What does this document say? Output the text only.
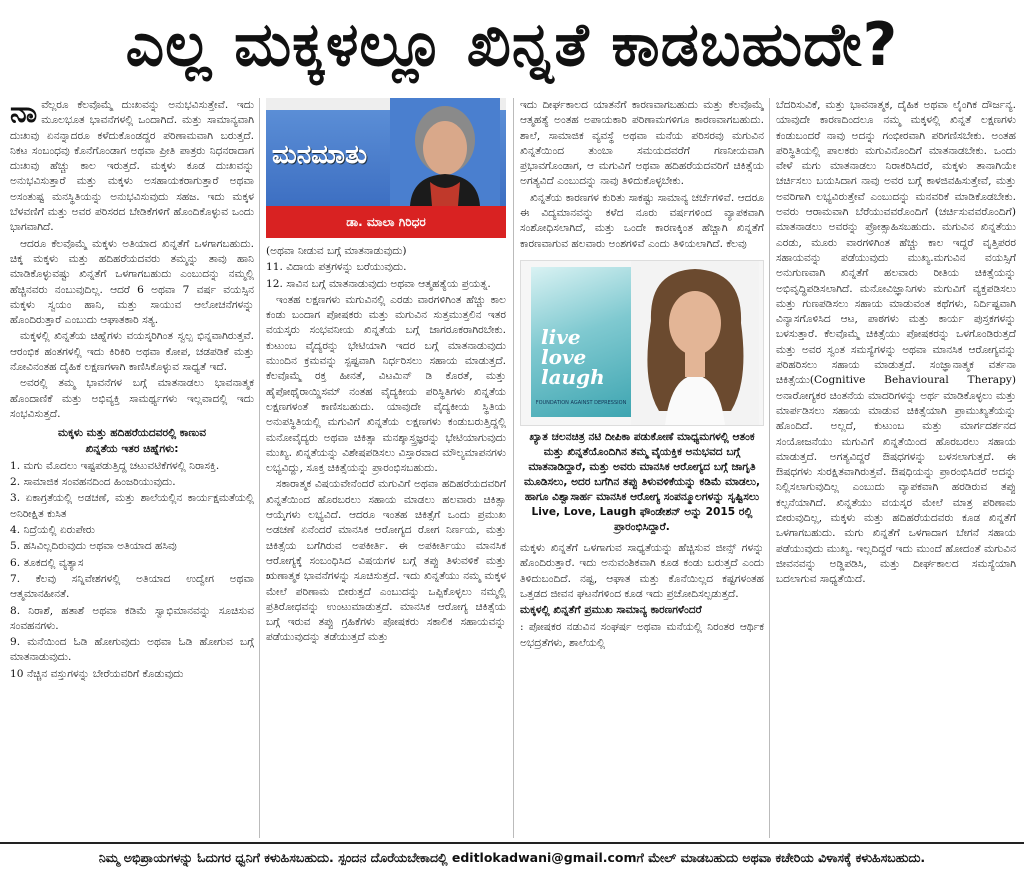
ಎಲ್ಲ ಮಕ್ಕಳಲ್ಲೂ ಖಿನ್ನತೆ ಕಾಡಬಹುದೇ?

ನಾವೆಲ್ಲರೂ ಕೆಲವೊಮ್ಮೆ ದುಃಖವನ್ನು ಅನುಭವಿಸುತ್ತೇವೆ. ಇದು ಮೂಲಭೂತ ಭಾವನೆಗಳಲ್ಲಿ ಒಂದಾಗಿದೆ. ಮತ್ತು ಸಾಮಾನ್ಯವಾಗಿ ದುಃಖವು ಏನನ್ನಾದರೂ ಕಳೆದುಕೊಂಡದ್ದರ ಪರಿಣಾಮವಾಗಿ ಬರುತ್ತದೆ. ನಿಕಟ ಸಂಬಂಧವು ಕೊನೆಗೊಂಡಾಗ ಅಥವಾ ಪ್ರೀತಿ ಪಾತ್ರರು ನಿಧನರಾದಾಗ ದುಃಖವು ಹೆಚ್ಚು ಕಾಲ ಇರುತ್ತದೆ. ಮಕ್ಕಳು ಕೂಡ ದುಃಖವನ್ನು ಅನುಭವಿಸುತ್ತಾರೆ ಮತ್ತು ಮಕ್ಕಳು ಅಸಹಾಯಕರಾಗುತ್ತಾರೆ ಅಥವಾ ಅಸಂತುಷ್ಟ ಮನಸ್ಥಿತಿಯನ್ನು ಅನುಭವಿಸುವುದು ಸಹಜ. ಇದು ಮಕ್ಕಳ ಬೆಳವಣಿಗೆ ಮತ್ತು ಅವರ ಪರಿಸರದ ಬೇಡಿಕೆಗಳಿಗೆ ಹೊಂದಿಕೊಳ್ಳುವ ಒಂದು ಭಾಗವಾಗಿದೆ.

ಆದರೂ ಕೆಲವೊಮ್ಮೆ ಮಕ್ಕಳು ಅತಿಯಾದ ಖಿನ್ನತೆಗೆ ಒಳಗಾಗಬಹುದು. ಚಿಕ್ಕ ಮಕ್ಕಳು ಮತ್ತು ಹದಿಹರೆಯದವರು ತಮ್ಮನ್ನು ತಾವು ಹಾನಿ ಮಾಡಿಕೊಳ್ಳುವಷ್ಟು ಖಿನ್ನತೆಗೆ ಒಳಗಾಗಬಹುದು ಎಂಬುದನ್ನು ನಮ್ಮಲ್ಲಿ ಹೆಚ್ಚಿನವರು ನಂಬುವುದಿಲ್ಲ. ಆದರೆ 6 ಅಥವಾ 7 ವರ್ಷ ವಯಸ್ಸಿನ ಮಕ್ಕಳು ಸ್ವಯಂ ಹಾನಿ, ಮತ್ತು ಸಾಯುವ ಆಲೋಚನೆಗಳನ್ನು ಹೊಂದಿರುತ್ತಾರೆ ಎಂಬುದು ಆಘಾತಕಾರಿ ಸತ್ಯ.

ಮಕ್ಕಳಲ್ಲಿ ಖಿನ್ನತೆಯ ಚಿಹ್ನೆಗಳು ವಯಸ್ಕರಿಗಿಂತ ಸ್ವಲ್ಪ ಭಿನ್ನವಾಗಿರುತ್ತವೆ. ಆರಂಭಿಕ ಹಂತಗಳಲ್ಲಿ ಇದು ಕಿರಿಕಿರಿ ಅಥವಾ ಕೋಪ, ಚಡಪಡಿಕೆ ಮತ್ತು ನೋವಿನಂತಹ ದೈಹಿಕ ಲಕ್ಷಣಗಳಾಗಿ ಕಾಣಿಸಿಕೊಳ್ಳುವ ಸಾಧ್ಯತೆ ಇದೆ.

ಅವರಲ್ಲಿ ತಮ್ಮ ಭಾವನೆಗಳ ಬಗ್ಗೆ ಮಾತನಾಡಲು ಭಾವನಾತ್ಮಕ ಹೊಂದಾಣಿಕೆ ಮತ್ತು ಅಭಿವ್ಯಕ್ತಿ ಸಾಮರ್ಥ್ಯಗಳು ಇಲ್ಲವಾದಲ್ಲಿ ಇದು ಸಂಭವಿಸುತ್ತದೆ.

ಮಕ್ಕಳು ಮತ್ತು ಹದಿಹರೆಯದವರಲ್ಲಿ ಕಾಣುವ
ಖಿನ್ನತೆಯ ಇತರ ಚಿಹ್ನೆಗಳು:

1. ಮಗು ಮೊದಲು ಇಷ್ಟಪಡುತ್ತಿದ್ದ ಚಟುವಟಿಕೆಗಳಲ್ಲಿ ನಿರಾಸಕ್ತಿ.

2. ಸಾಮಾಜಿಕ ಸಂವಹನದಿಂದ ಹಿಂಜರಿಯುವುದು.

3. ಏಕಾಗ್ರತೆಯಲ್ಲಿ ಅಡಚಣೆ, ಮತ್ತು ಶಾಲೆಯಲ್ಲಿನ ಕಾರ್ಯಕ್ಷಮತೆಯಲ್ಲಿ ಅನಿರೀಕ್ಷಿತ ಕುಸಿತ

4. ನಿದ್ರೆಯಲ್ಲಿ ಏರುಪೇರು

5. ಹಸಿವಿಲ್ಲದಿರುವುದು ಅಥವಾ ಅತಿಯಾದ ಹಸಿವು

6. ತೂಕದಲ್ಲಿ ವ್ಯತ್ಯಾಸ

7. ಕೆಲವು ಸನ್ನಿವೇಶಗಳಲ್ಲಿ ಅತಿಯಾದ ಉದ್ವೇಗ ಅಥವಾ ಆತ್ಮಮಾನಹೀನತೆ.

8. ನಿರಾಶೆ, ಹತಾಶೆ ಅಥವಾ ಕಡಿಮೆ ಸ್ವಾಭಿಮಾನವನ್ನು ಸೂಚಿಸುವ ಸಂವಹನಗಳು.

9. ಮನೆಯಿಂದ ಓಡಿ ಹೋಗುವುದು ಅಥವಾ ಓಡಿ ಹೋಗುವ ಬಗ್ಗೆ ಮಾತನಾಡುವುದು.

10 ನೆಚ್ಚಿನ ವಸ್ತುಗಳನ್ನು ಬೇರೆಯವರಿಗೆ ಕೊಡುವುದು

ಮನಮಾತು
ಡಾ. ಮಾಲಾ ಗಿರಿಧರ

(ಅಥವಾ ನೀಡುವ ಬಗ್ಗೆ ಮಾತನಾಡುವುದು)

11. ವಿದಾಯ ಪತ್ರಗಳನ್ನು ಬರೆಯುವುದು.

12. ಸಾವಿನ ಬಗ್ಗೆ ಮಾತನಾಡುವುದು ಅಥವಾ ಆತ್ಮಹತ್ಯೆಯ ಪ್ರಯತ್ನ.

ಇಂತಹ ಲಕ್ಷಣಗಳು ಮಗುವಿನಲ್ಲಿ ಎರಡು ವಾರಗಳಿಗಿಂತ ಹೆಚ್ಚು ಕಾಲ ಕಂಡು ಬಂದಾಗ ಪೋಷಕರು ಮತ್ತು ಮಗುವಿನ ಸುತ್ತಮುತ್ತಲಿನ ಇತರ ವಯಸ್ಕರು ಸಂಭವನೀಯ ಖಿನ್ನತೆಯ ಬಗ್ಗೆ ಜಾಗರೂಕರಾಗಿರಬೇಕು. ಕುಟುಂಬ ವೈದ್ಯರನ್ನು ಭೇಟಿಯಾಗಿ ಇದರ ಬಗ್ಗೆ ಮಾತನಾಡುವುದು ಮುಂದಿನ ಕ್ರಮವನ್ನು ಸ್ಪಷ್ಟವಾಗಿ ನಿರ್ಧರಿಸಲು ಸಹಾಯ ಮಾಡುತ್ತದೆ. ಕೆಲವೊಮ್ಮೆ ರಕ್ತ ಹೀನತೆ, ವಿಟಮಿನ್ ಡಿ ಕೊರತೆ, ಮತ್ತು ಹೈಪೋಥೈರಾಯ್ಡಿಸಮ್ ನಂತಹ ವೈದ್ಯಕೀಯ ಪರಿಸ್ಥಿತಿಗಳು ಖಿನ್ನತೆಯ ಲಕ್ಷಣಗಳಂತೆ ಕಾಣಿಸಬಹುದು. ಯಾವುದೇ ವೈದ್ಯಕೀಯ ಸ್ಥಿತಿಯ ಅನುಪಸ್ಥಿತಿಯಲ್ಲಿ ಮಗುವಿಗೆ ಖಿನ್ನತೆಯ ಲಕ್ಷಣಗಳು ಕಂಡುಬರುತ್ತಿದ್ದಲ್ಲಿ ಮನೋವೈದ್ಯರು ಅಥವಾ ಚಿಕಿತ್ಸಾ ಮನಶ್ಶಾಸ್ತ್ರಜ್ಞರನ್ನು ಭೇಟಿಯಾಗುವುದು ಮುಖ್ಯ. ಖಿನ್ನತೆಯನ್ನು ವಿಶೇಷಪಡಿಸಲು ವಿಸ್ತಾರವಾದ ಮೌಲ್ಯಮಾಪನಗಳು ಲಭ್ಯವಿದ್ದು, ಸೂಕ್ತ ಚಿಕಿತ್ಸೆಯನ್ನು ಪ್ರಾರಂಭಿಸಬಹುದು.

ಸಕಾರಾತ್ಮಕ ವಿಷಯವೇನೆಂದರೆ ಮಗುವಿಗೆ ಅಥವಾ ಹದಿಹರೆಯದವರಿಗೆ ಖಿನ್ನತೆಯಿಂದ ಹೊರಬರಲು ಸಹಾಯ ಮಾಡಲು ಹಲವಾರು ಚಿಕಿತ್ಸಾ ಆಯ್ಕೆಗಳು ಲಭ್ಯವಿದೆ. ಆದರೂ ಇಂತಹ ಚಿಕಿತ್ಸೆಗೆ ಒಂದು ಪ್ರಮುಖ ಅಡಚಣೆ ಏನೆಂದರೆ ಮಾನಸಿಕ ಆರೋಗ್ಯದ ರೋಗ ನಿರ್ಣಯ, ಮತ್ತು ಚಿಕಿತ್ಸೆಯ ಬಗೆಗಿರುವ ಅಪಕೀರ್ತಿ. ಈ ಅಪಕೀರ್ತಿಯು ಮಾನಸಿಕ ಆರೋಗ್ಯಕ್ಕೆ ಸಂಬಂಧಿಸಿದ ವಿಷಯಗಳ ಬಗ್ಗೆ ತಪ್ಪು ತಿಳುವಳಿಕೆ ಮತ್ತು ಋಣಾತ್ಮಕ ಭಾವನೆಗಳನ್ನು ಸೂಚಿಸುತ್ತದೆ. ಇದು ಖಿನ್ನತೆಯು ನಮ್ಮ ಮಕ್ಕಳ ಮೇಲೆ ಪರಿಣಾಮ ಬೀರುತ್ತದೆ ಎಂಬುದನ್ನು ಒಪ್ಪಿಕೊಳ್ಳಲು ನಮ್ಮಲ್ಲಿ ಪ್ರತಿರೋಧವನ್ನು ಉಂಟುಮಾಡುತ್ತದೆ. ಮಾನಸಿಕ ಆರೋಗ್ಯ ಚಿಕಿತ್ಸೆಯ ಬಗ್ಗೆ ಇರುವ ತಪ್ಪು ಗ್ರಹಿಕೆಗಳು ಪೋಷಕರು ಸಕಾಲಿಕ ಸಹಾಯವನ್ನು ಪಡೆಯುವುದನ್ನು ತಡೆಯುತ್ತದೆ ಮತ್ತು

ಇದು ದೀರ್ಘಕಾಲದ ಯಾತನೆಗೆ ಕಾರಣವಾಗಬಹುದು ಮತ್ತು ಕೆಲವೊಮ್ಮೆ ಆತ್ಮಹತ್ಯೆ ಅಂತಹ ಅಪಾಯಕಾರಿ ಪರಿಣಾಮಗಳಿಗೂ ಕಾರಣವಾಗಬಹುದು. ಶಾಲೆ, ಸಾಮಾಜಿಕ ವ್ಯವಸ್ಥೆ ಅಥವಾ ಮನೆಯ ಪರಿಸರವು ಮಗುವಿನ ಖಿನ್ನತೆಯಿಂದ ತುಂಬಾ ಸಮಯದವರೆಗೆ ಗಣನೀಯವಾಗಿ ಪ್ರಭಾವಗೊಂಡಾಗ, ಆ ಮಗುವಿಗೆ ಅಥವಾ ಹದಿಹರೆಯದವರಿಗೆ ಚಿಕಿತ್ಸೆಯ ಅಗತ್ಯವಿದೆ ಎಂಬುದನ್ನು ನಾವು ತಿಳಿದುಕೊಳ್ಳಬೇಕು.

ಖಿನ್ನತೆಯ ಕಾರಣಗಳ ಕುರಿತು ಸಾಕಷ್ಟು ಸಾಮಾನ್ಯ ಚರ್ಚೆಗಳಿವೆ. ಆದರೂ ಈ ವಿದ್ಯಮಾನವನ್ನು ಕಳೆದ ನೂರು ವರ್ಷಗಳಿಂದ ವ್ಯಾಪಕವಾಗಿ ಸಂಶೋಧಿಸಲಾಗಿದೆ, ಮತ್ತು ಒಂದೇ ಕಾರಣಕ್ಕಿಂತ ಹೆಚ್ಚಾಗಿ ಖಿನ್ನತೆಗೆ ಕಾರಣವಾಗುವ ಹಲವಾರು ಅಂಶಗಳಿವೆ ಎಂದು ತಿಳಿಯಲಾಗಿದೆ. ಕೆಲವು

live love laugh
FOUNDATION AGAINST DEPRESSION
ಖ್ಯಾತ ಚಲನಚಿತ್ರ ನಟಿ ದೀಪಿಕಾ ಪಡುಕೋಣೆ ಮಾಧ್ಯಮಗಳಲ್ಲಿ ಆತಂಕ ಮತ್ತು ಖಿನ್ನತೆಯೊಂದಿಗಿನ ತಮ್ಮ ವೈಯಕ್ತಿಕ ಅನುಭವದ ಬಗ್ಗೆ ಮಾತನಾಡಿದ್ದಾರೆ, ಮತ್ತು ಅವರು ಮಾನಸಿಕ ಆರೋಗ್ಯದ ಬಗ್ಗೆ ಜಾಗೃತಿ ಮೂಡಿಸಲು, ಅದರ ಬಗೆಗಿನ ತಪ್ಪು ತಿಳುವಳಿಕೆಯನ್ನು ಕಡಿಮೆ ಮಾಡಲು, ಹಾಗೂ ವಿಶ್ವಾಸಾರ್ಹ ಮಾನಸಿಕ ಆರೋಗ್ಯ ಸಂಪನ್ಮೂಲಗಳನ್ನು ಸೃಷ್ಟಿಸಲು Live, Love, Laugh ಫೌಂಡೇಶನ್ ಅನ್ನು 2015 ರಲ್ಲಿ ಪ್ರಾರಂಭಿಸಿದ್ದಾರೆ.

ಮಕ್ಕಳು ಖಿನ್ನತೆಗೆ ಒಳಗಾಗುವ ಸಾಧ್ಯತೆಯನ್ನು ಹೆಚ್ಚಿಸುವ ಜೀನ್ಸ್ ಗಳನ್ನು ಹೊಂದಿರುತ್ತಾರೆ. ಇದು ಅನುವಂಶಿಕವಾಗಿ ಕೂಡ ಕಂಡು ಬರುತ್ತದೆ ಎಂದು ತಿಳಿದುಬಂದಿದೆ. ನಷ್ಟ, ಆಘಾತ ಮತ್ತು ಕೊನೆಯಿಲ್ಲದ ಕಷ್ಟಗಳಂತಹ ಒತ್ತಡದ ಜೀವನ ಘಟನೆಗಳಿಂದ ಕೂಡ ಇದು ಪ್ರಚೋದಿಸಲ್ಪಡುತ್ತದೆ.

ಮಕ್ಕಳಲ್ಲಿ ಖಿನ್ನತೆಗೆ ಪ್ರಮುಖ ಸಾಮಾನ್ಯ ಕಾರಣಗಳೆಂದರೆ

: ಪೋಷಕರ ನಡುವಿನ ಸಂಘರ್ಷ ಅಥವಾ ಮನೆಯಲ್ಲಿ ನಿರಂತರ ಆರ್ಥಿಕ ಅಭದ್ರತೆಗಳು, ಶಾಲೆಯಲ್ಲಿ

ಬೆದರಿಸುವಿಕೆ, ಮತ್ತು ಭಾವನಾತ್ಮಕ, ದೈಹಿಕ ಅಥವಾ ಲೈಂಗಿಕ ದೌರ್ಜನ್ಯ. ಯಾವುದೇ ಕಾರಣದಿಂದಲೂ ನಮ್ಮ ಮಕ್ಕಳಲ್ಲಿ ಖಿನ್ನತೆ ಲಕ್ಷಣಗಳು ಕಂಡುಬಂದರೆ ನಾವು ಅದನ್ನು ಗಂಭೀರವಾಗಿ ಪರಿಗಣಿಸಬೇಕು. ಅಂತಹ ಪರಿಸ್ಥಿತಿಯಲ್ಲಿ ಪಾಲಕರು ಮಗುವಿನೊಂದಿಗೆ ಮಾತನಾಡಬೇಕು. ಒಂದು ವೇಳೆ ಮಗು ಮಾತನಾಡಲು ನಿರಾಕರಿಸಿದರೆ, ಮಕ್ಕಳು ತಾನಾಗಿಯೇ ಚರ್ಚಿಸಲು ಬಯಸಿದಾಗ ನಾವು ಅವರ ಬಗ್ಗೆ ಕಾಳಜಿವಹಿಸುತ್ತೇವೆ, ಮತ್ತು ಅವರಿಗಾಗಿ ಲಭ್ಯವಿರುತ್ತೇವೆ ಎಂಬುದನ್ನು ಮನವರಿಕೆ ಮಾಡಿಕೊಡಬೇಕು. ಅವರು ಆರಾಮವಾಗಿ ಬೆರೆಯುವವರೊಂದಿಗೆ (ಚರ್ಚಿಸುವವರೊಂದಿಗೆ) ಮಾತನಾಡಲು ಅವರನ್ನು ಪ್ರೋತ್ಸಾಹಿಸಬಹುದು. ಮಗುವಿನ ಖಿನ್ನತೆಯು ಎರಡು, ಮೂರು ವಾರಗಳಿಗಿಂತ ಹೆಚ್ಚು ಕಾಲ ಇದ್ದರೆ ವೃತ್ತಿಪರರ ಸಹಾಯವನ್ನು ಪಡೆಯುವುದು ಮುಖ್ಯ.ಮಗುವಿನ ವಯಸ್ಸಿಗೆ ಅನುಗುಣವಾಗಿ ಖಿನ್ನತೆಗೆ ಹಲವಾರು ರೀತಿಯ ಚಿಕಿತ್ಸೆಯನ್ನು ಅಭಿವೃದ್ಧಿಪಡಿಸಲಾಗಿದೆ. ಮನೋವಿಜ್ಞಾನಿಗಳು ಮಗುವಿಗೆ ವ್ಯಕ್ತಪಡಿಸಲು ಮತ್ತು ಗುಣಪಡಿಸಲು ಸಹಾಯ ಮಾಡುವಂತ ಕಥೆಗಳು, ನಿರ್ದಿಷ್ಟವಾಗಿ ವಿನ್ಯಾಸಗೊಳಿಸಿದ ಆಟ, ಪಾಠಗಳು ಮತ್ತು ಕಾರ್ಯ ಪುಸ್ತಕಗಳನ್ನು ಬಳಸುತ್ತಾರೆ. ಕೆಲವೊಮ್ಮೆ ಚಿಕಿತ್ಸೆಯು ಪೋಷಕರನ್ನು ಒಳಗೊಂಡಿರುತ್ತದೆ ಮತ್ತು ಅವರ ಸ್ವಂತ ಸಮಸ್ಯೆಗಳನ್ನು ಅಥವಾ ಮಾನಸಿಕ ಆರೋಗ್ಯವನ್ನು ಪರಿಹರಿಸಲು ಸಹಾಯ ಮಾಡುತ್ತದೆ. ಸಂಜ್ಞಾನಾತ್ಮಕ ವರ್ತನಾ ಚಿಕಿತ್ಸೆಯು(Cognitive Behavioural Therapy) ಅನಾರೋಗ್ಯಕರ ಚಿಂತನೆಯ ಮಾದರಿಗಳನ್ನು ಅರ್ಥ ಮಾಡಿಕೊಳ್ಳಲು ಮತ್ತು ಮಾರ್ಪಡಿಸಲು ಸಹಾಯ ಮಾಡುವ ಚಿಕಿತ್ಸೆಯಾಗಿ ಪ್ರಾಮುಖ್ಯತೆಯನ್ನು ಹೊಂದಿದೆ. ಅಲ್ಲದೆ, ಕುಟುಂಬ ಮತ್ತು ಮಾರ್ಗದರ್ಶನದ ಸಂಯೋಜನೆಯು ಮಗುವಿಗೆ ಖಿನ್ನತೆಯಿಂದ ಹೊರಬರಲು ಸಹಾಯ ಮಾಡುತ್ತದೆ. ಅಗತ್ಯವಿದ್ದರೆ ಔಷಧಗಳನ್ನು ಬಳಸಲಾಗುತ್ತದೆ. ಈ ಔಷಧಗಳು ಸುರಕ್ಷಿತವಾಗಿರುತ್ತವೆ. ಔಷಧಿಯನ್ನು ಪ್ರಾರಂಭಿಸಿದರೆ ಅದನ್ನು ನಿಲ್ಲಿಸಲಾಗುವುದಿಲ್ಲ ಎಂಬುದು ವ್ಯಾಪಕವಾಗಿ ಹರಡಿರುವ ತಪ್ಪು ಕಲ್ಪನೆಯಾಗಿದೆ. ಖಿನ್ನತೆಯು ವಯಸ್ಕರ ಮೇಲೆ ಮಾತ್ರ ಪರಿಣಾಮ ಬೀರುವುದಿಲ್ಲ, ಮಕ್ಕಳು ಮತ್ತು ಹದಿಹರೆಯದವರು ಕೂಡ ಖಿನ್ನತೆಗೆ ಒಳಗಾಗಬಹುದು. ಮಗು ಖಿನ್ನತೆಗೆ ಒಳಗಾದಾಗ ಬೇಗನೆ ಸಹಾಯ ಪಡೆಯುವುದು ಮುಖ್ಯ. ಇಲ್ಲದಿದ್ದರೆ ಇದು ಮುಂದೆ ಹೋದಂತೆ ಮಗುವಿನ ಜೀವನವನ್ನು ಅಡ್ಡಿಪಡಿಸಿ, ಮತ್ತು ದೀರ್ಘಕಾಲದ ಸಮಸ್ಯೆಯಾಗಿ ಬದಲಾಗುವ ಸಾಧ್ಯತೆಯಿದೆ.

ನಿಮ್ಮ ಅಭಿಪ್ರಾಯಗಳನ್ನು ಓದುಗರ ಧ್ವನಿಗೆ ಕಳುಹಿಸಬಹುದು. ಸ್ಪಂದನ ದೊರೆಯಬೇಕಾದಲ್ಲಿ editlokadwani@gmail.comಗೆ ಮೇಲ್ ಮಾಡಬಹುದು ಅಥವಾ ಕಚೇರಿಯ ವಿಳಾಸಕ್ಕೆ ಕಳುಹಿಸಬಹುದು.
